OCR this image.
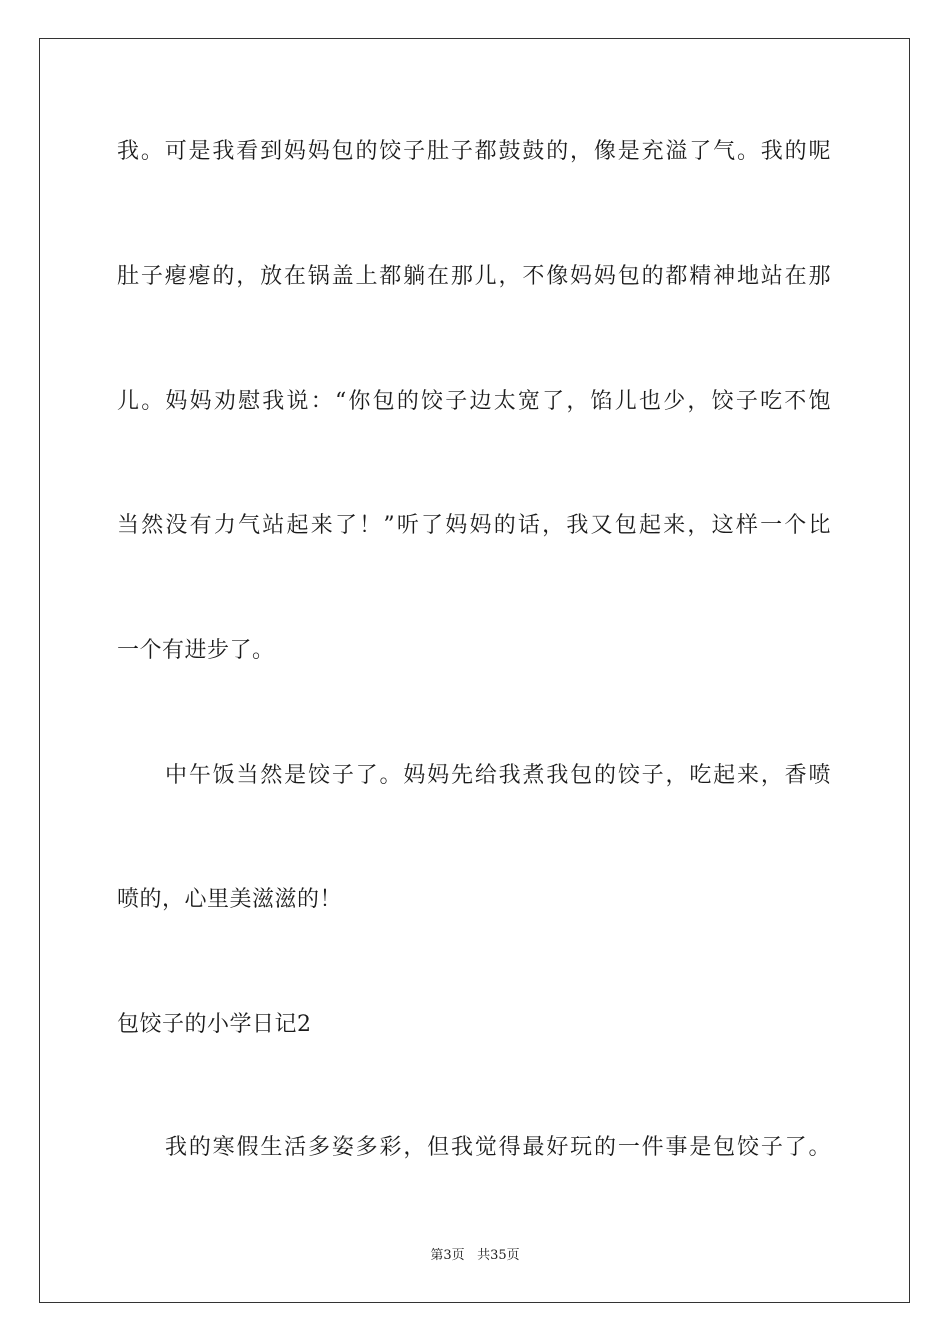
我。可是我看到妈妈包的饺子肚子都鼓鼓的，像是充溢了气。我的呢
肚子瘪瘪的，放在锅盖上都躺在那儿，不像妈妈包的都精神地站在那
儿。妈妈劝慰我说：“你包的饺子边太宽了，馅儿也少，饺子吃不饱
当然没有力气站起来了！”听了妈妈的话，我又包起来，这样一个比
一个有进步了。
中午饭当然是饺子了。妈妈先给我煮我包的饺子，吃起来，香喷
喷的，心里美滋滋的！
包饺子的小学日记2
我的寒假生活多姿多彩，但我觉得最好玩的一件事是包饺子了。
第3页 共35页
